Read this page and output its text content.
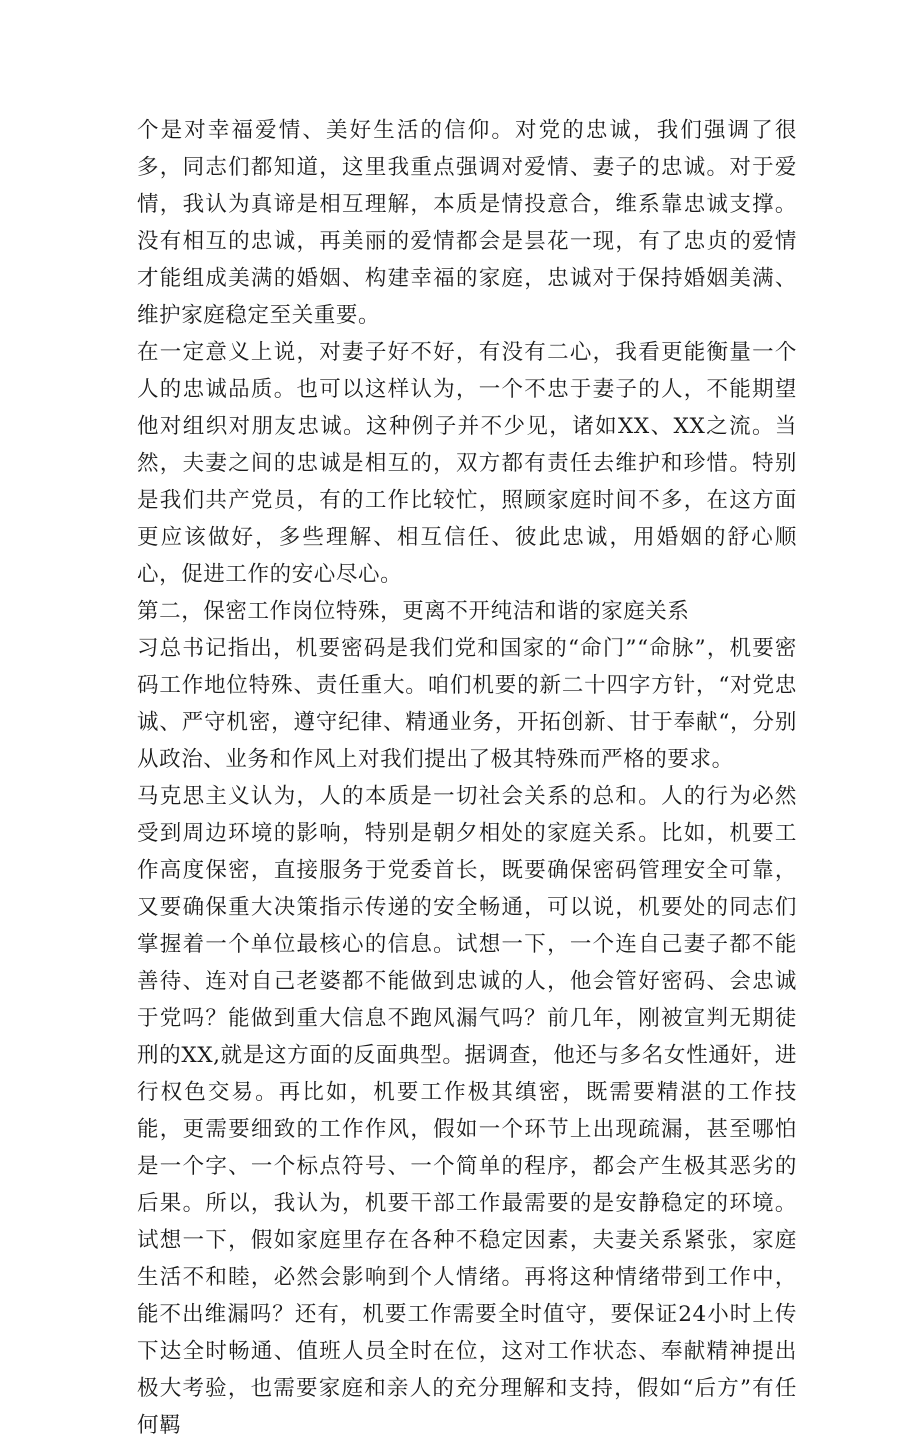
个是对幸福爱情、美好生活的信仰。对党的忠诚，我们强调了很多，同志们都知道，这里我重点强调对爱情、妻子的忠诚。对于爱情，我认为真谛是相互理解，本质是情投意合，维系靠忠诚支撑。没有相互的忠诚，再美丽的爱情都会是昙花一现，有了忠贞的爱情才能组成美满的婚姻、构建幸福的家庭，忠诚对于保持婚姻美满、维护家庭稳定至关重要。

在一定意义上说，对妻子好不好，有没有二心，我看更能衡量一个人的忠诚品质。也可以这样认为，一个不忠于妻子的人，不能期望他对组织对朋友忠诚。这种例子并不少见，诸如XX、XX之流。当然，夫妻之间的忠诚是相互的，双方都有责任去维护和珍惜。特别是我们共产党员，有的工作比较忙，照顾家庭时间不多，在这方面更应该做好，多些理解、相互信任、彼此忠诚，用婚姻的舒心顺心，促进工作的安心尽心。

第二，保密工作岗位特殊，更离不开纯洁和谐的家庭关系

习总书记指出，机要密码是我们党和国家的“命门”“命脉”，机要密码工作地位特殊、责任重大。咱们机要的新二十四字方针，“对党忠诚、严守机密，遵守纪律、精通业务，开拓创新、甘于奉献“，分别从政治、业务和作风上对我们提出了极其特殊而严格的要求。

马克思主义认为，人的本质是一切社会关系的总和。人的行为必然受到周边环境的影响，特别是朝夕相处的家庭关系。比如，机要工作高度保密，直接服务于党委首长，既要确保密码管理安全可靠，又要确保重大决策指示传递的安全畅通，可以说，机要处的同志们掌握着一个单位最核心的信息。试想一下，一个连自己妻子都不能善待、连对自己老婆都不能做到忠诚的人，他会管好密码、会忠诚于党吗？能做到重大信息不跑风漏气吗？前几年，刚被宣判无期徒刑的XX,就是这方面的反面典型。据调查，他还与多名女性通奸，进行权色交易。再比如，机要工作极其缜密，既需要精湛的工作技能，更需要细致的工作作风，假如一个环节上出现疏漏，甚至哪怕是一个字、一个标点符号、一个简单的程序，都会产生极其恶劣的后果。所以，我认为，机要干部工作最需要的是安静稳定的环境。试想一下，假如家庭里存在各种不稳定因素，夫妻关系紧张，家庭生活不和睦，必然会影响到个人情绪。再将这种情绪带到工作中，能不出维漏吗？还有，机要工作需要全时值守，要保证24小时上传下达全时畅通、值班人员全时在位，这对工作状态、奉献精神提出极大考验，也需要家庭和亲人的充分理解和支持，假如“后方”有任何羁
